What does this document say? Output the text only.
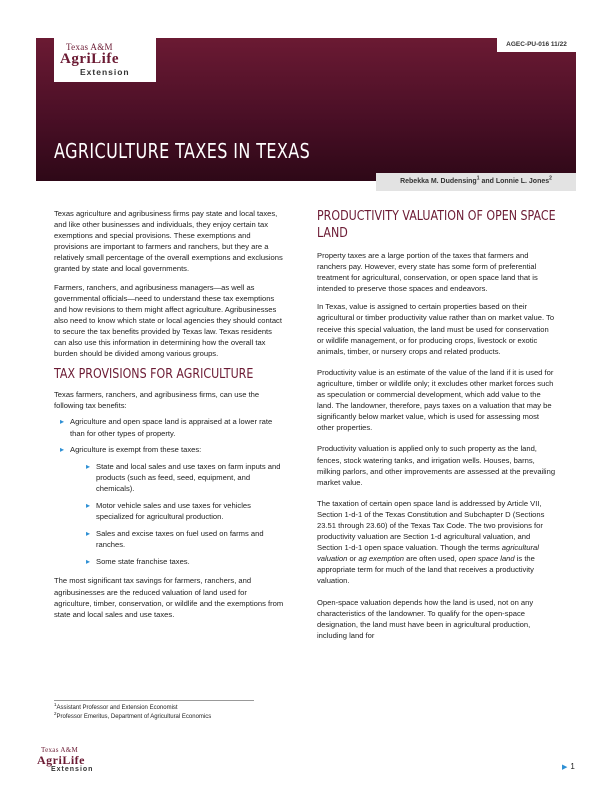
Texas A&M
AgriLife
Extension
AGEC-PU-016 11/22
AGRICULTURE TAXES IN TEXAS
Rebekka M. Dudensing$^1$ and Lonnie L. Jones$^2$

Texas agriculture and agribusiness firms pay state and local taxes, and like other businesses and individuals, they enjoy certain tax exemptions and special provisions. These exemptions and provisions are important to farmers and ranchers, but they are a relatively small percentage of the overall exemptions and exclusions granted by state and local governments.

Farmers, ranchers, and agribusiness managers—as well as governmental officials—need to understand these tax exemptions and how revisions to them might affect agriculture. Agribusinesses also need to know which state or local agencies they should contact to secure the tax benefits provided by Texas law. Texas residents can also use this information in determining how the overall tax burden should be divided among various groups.

TAX PROVISIONS FOR AGRICULTURE

Texas farmers, ranchers, and agribusiness firms, can use the following tax benefits:

▸ Agriculture and open space land is appraised at a lower rate than for other types of property.
▸ Agriculture is exempt from these taxes:
▸ State and local sales and use taxes on farm inputs and products (such as feed, seed, equipment, and chemicals).
▸ Motor vehicle sales and use taxes for vehicles specialized for agricultural production.
▸ Sales and excise taxes on fuel used on farms and ranches.
▸ Some state franchise taxes.

The most significant tax savings for farmers, ranchers, and agribusinesses are the reduced valuation of land used for agriculture, timber, conservation, or wildlife and the exemptions from state and local sales and use taxes.

PRODUCTIVITY VALUATION OF OPEN SPACE
LAND

Property taxes are a large portion of the taxes that farmers and ranchers pay. However, every state has some form of preferential treatment for agricultural, conservation, or open space land that is intended to preserve those spaces and endeavors.

In Texas, value is assigned to certain properties based on their agricultural or timber productivity value rather than on market value. To receive this special valuation, the land must be used for conservation or wildlife management, or for producing crops, livestock or exotic animals, timber, or nursery crops and related products.

Productivity value is an estimate of the value of the land if it is used for agriculture, timber or wildlife only; it excludes other market forces such as speculation or commercial development, which add value to the land. The landowner, therefore, pays taxes on a valuation that may be significantly below market value, which is used for assessing most other properties.

Productivity valuation is applied only to such property as the land, fences, stock watering tanks, and irrigation wells. Houses, barns, milking parlors, and other improvements are assessed at the prevailing market value.

The taxation of certain open space land is addressed by Article VII, Section 1-d-1 of the Texas Constitution and Subchapter D (Sections 23.51 through 23.60) of the Texas Tax Code. The two provisions for productivity valuation are Section 1-d agricultural valuation, and Section 1-d-1 open space valuation. Though the terms agricultural valuation or ag exemption are often used, open space land is the appropriate term for much of the land that receives a productivity valuation.

Open-space valuation depends how the land is used, not on any characteristics of the landowner. To qualify for the open-space designation, the land must have been in agricultural production, including land for

$^1$Assistant Professor and Extension Economist
$^2$Professor Emeritus, Department of Agricultural Economics
Texas A&M
AgriLife
Extension	▶ 1
